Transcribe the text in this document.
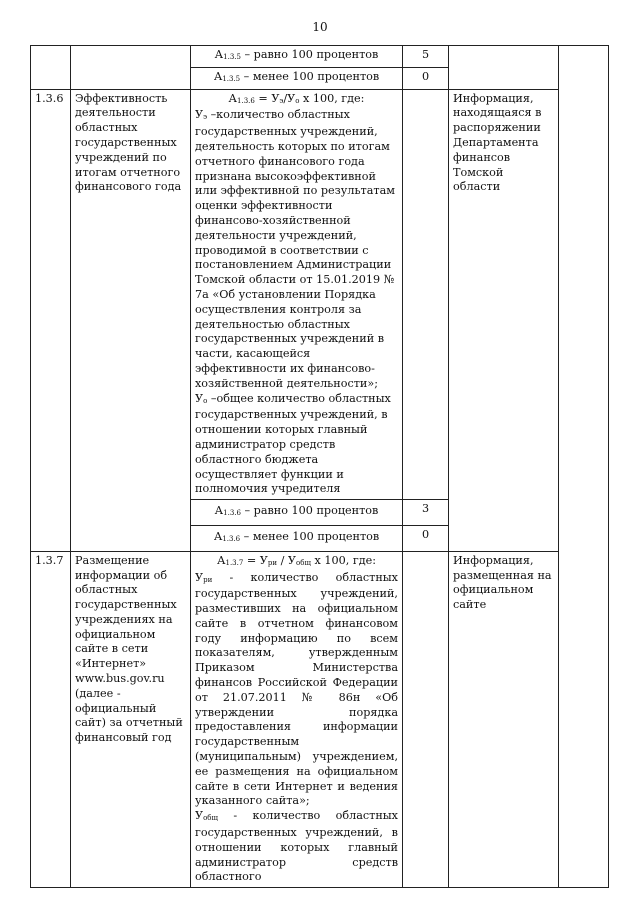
10
		А1.3.5 – равно 100 процентов	5			
		А1.3.5 – менее 100 процентов	0			
1.3.6	Эффективность деятельности областных государственных учреждений по итогам отчетного финансового года	А1.3.6 = Уэ/Уо x 100, где:
Уэ –количество областных государственных учреждений, деятельность которых по итогам отчетного финансового года признана высокоэффективной или эффективной по результатам оценки эффективности финансово-хозяйственной деятельности учреждений, проводимой в соответствии с постановлением Администрации Томской области от 15.01.2019 № 7а «Об установлении Порядка осуществления контроля за деятельностью областных государственных учреждений в части, касающейся эффективности их финансово-хозяйственной деятельности»;
Уо –общее количество областных государственных учреждений, в отношении которых главный администратор средств областного бюджета осуществляет функции и полномочия учредителя		Информация, находящаяся в распоряжении Департамента финансов Томской области		
		А1.3.6 – равно 100 процентов	3			
		А1.3.6 – менее 100 процентов	0			
1.3.7	Размещение информации об областных государственных учреждениях на официальном сайте в сети «Интернет» www.bus.gov.ru (далее - официальный сайт) за отчетный финансовый год	А1.3.7 = Ури / Уобщ x 100, где:
Ури - количество областных государственных учреждений, разместивших на официальном сайте в отчетном финансовом году информацию по всем показателям, утвержденным Приказом Министерства финансов Российской Федерации от 21.07.2011 № 86н «Об утверждении порядка предоставления информации государственным (муниципальным) учреждением, ее размещения на официальном сайте в сети Интернет и ведения указанного сайта»;
Уобщ - количество областных государственных учреждений, в отношении которых главный администратор средств областного		Информация, размещенная на официальном сайте		
